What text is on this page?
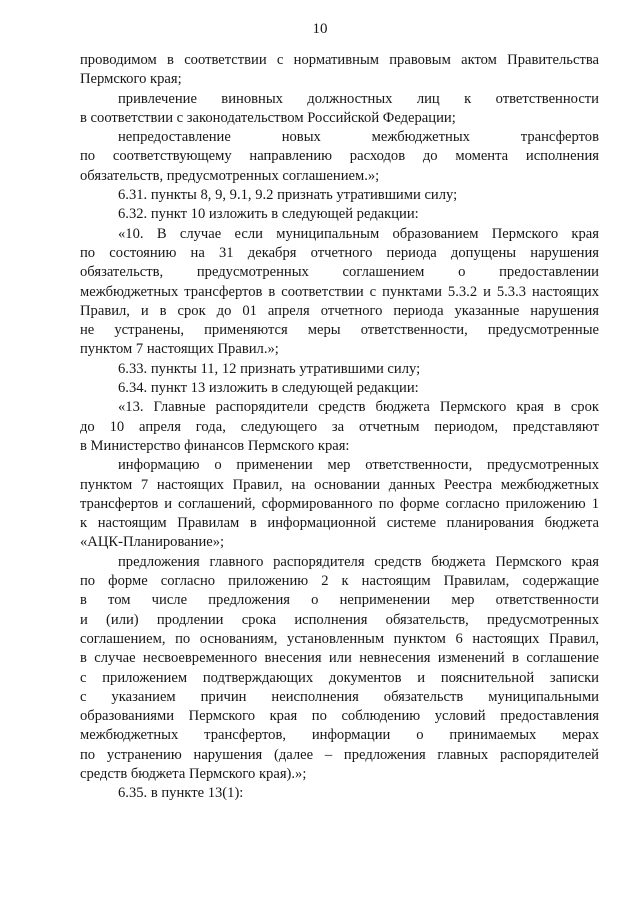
10
проводимом в соответствии с нормативным правовым актом Правительства
Пермского края;
привлечение виновных должностных лиц к ответственности
в соответствии с законодательством Российской Федерации;
непредоставление новых межбюджетных трансфертов
по соответствующему направлению расходов до момента исполнения
обязательств, предусмотренных соглашением.»;
6.31. пункты 8, 9, 9.1, 9.2 признать утратившими силу;
6.32. пункт 10 изложить в следующей редакции:
«10. В случае если муниципальным образованием Пермского края
по состоянию на 31 декабря отчетного периода допущены нарушения
обязательств, предусмотренных соглашением о предоставлении
межбюджетных трансфертов в соответствии с пунктами 5.3.2 и 5.3.3 настоящих
Правил, и в срок до 01 апреля отчетного периода указанные нарушения
не устранены, применяются меры ответственности, предусмотренные
пунктом 7 настоящих Правил.»;
6.33. пункты 11, 12 признать утратившими силу;
6.34. пункт 13 изложить в следующей редакции:
«13. Главные распорядители средств бюджета Пермского края в срок
до 10 апреля года, следующего за отчетным периодом, представляют
в Министерство финансов Пермского края:
информацию о применении мер ответственности, предусмотренных
пунктом 7 настоящих Правил, на основании данных Реестра межбюджетных
трансфертов и соглашений, сформированного по форме согласно приложению 1
к настоящим Правилам в информационной системе планирования бюджета
«АЦК-Планирование»;
предложения главного распорядителя средств бюджета Пермского края
по форме согласно приложению 2 к настоящим Правилам, содержащие
в том числе предложения о неприменении мер ответственности
и (или) продлении срока исполнения обязательств, предусмотренных
соглашением, по основаниям, установленным пунктом 6 настоящих Правил,
в случае несвоевременного внесения или невнесения изменений в соглашение
с приложением подтверждающих документов и пояснительной записки
с указанием причин неисполнения обязательств муниципальными
образованиями Пермского края по соблюдению условий предоставления
межбюджетных трансфертов, информации о принимаемых мерах
по устранению нарушения (далее – предложения главных распорядителей
средств бюджета Пермского края).»;
6.35. в пункте 13(1):
